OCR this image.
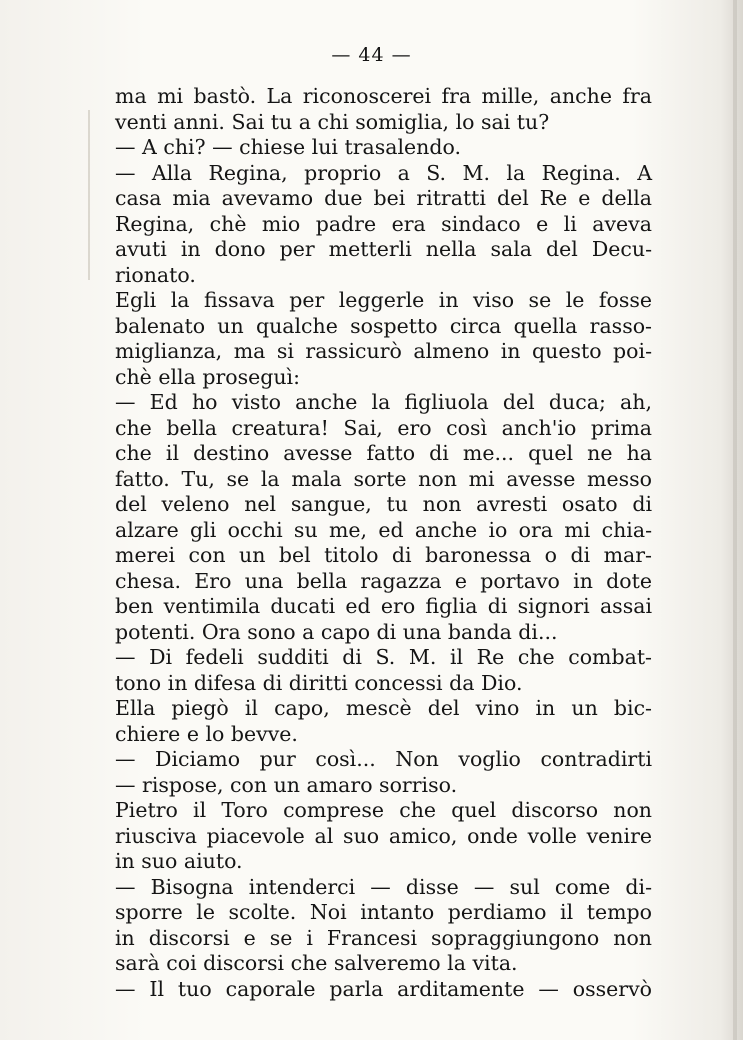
— 44 —
ma mi bastò. La riconoscerei fra mille, anche fra
venti anni. Sai tu a chi somiglia, lo sai tu?
— A chi? — chiese lui trasalendo.
— Alla Regina, proprio a S. M. la Regina. A
casa mia avevamo due bei ritratti del Re e della
Regina, chè mio padre era sindaco e li aveva
avuti in dono per metterli nella sala del Decu-
rionato.
Egli la fissava per leggerle in viso se le fosse
balenato un qualche sospetto circa quella rasso-
miglianza, ma si rassicurò almeno in questo poi-
chè ella proseguì:
— Ed ho visto anche la figliuola del duca; ah,
che bella creatura! Sai, ero così anch'io prima
che il destino avesse fatto di me... quel ne ha
fatto. Tu, se la mala sorte non mi avesse messo
del veleno nel sangue, tu non avresti osato di
alzare gli occhi su me, ed anche io ora mi chia-
merei con un bel titolo di baronessa o di mar-
chesa. Ero una bella ragazza e portavo in dote
ben ventimila ducati ed ero figlia di signori assai
potenti. Ora sono a capo di una banda di...
— Di fedeli sudditi di S. M. il Re che combat-
tono in difesa di diritti concessi da Dio.
Ella piegò il capo, mescè del vino in un bic-
chiere e lo bevve.
— Diciamo pur così... Non voglio contradirti
— rispose, con un amaro sorriso.
Pietro il Toro comprese che quel discorso non
riusciva piacevole al suo amico, onde volle venire
in suo aiuto.
— Bisogna intenderci — disse — sul come di-
sporre le scolte. Noi intanto perdiamo il tempo
in discorsi e se i Francesi sopraggiungono non
sarà coi discorsi che salveremo la vita.
— Il tuo caporale parla arditamente — osservò
